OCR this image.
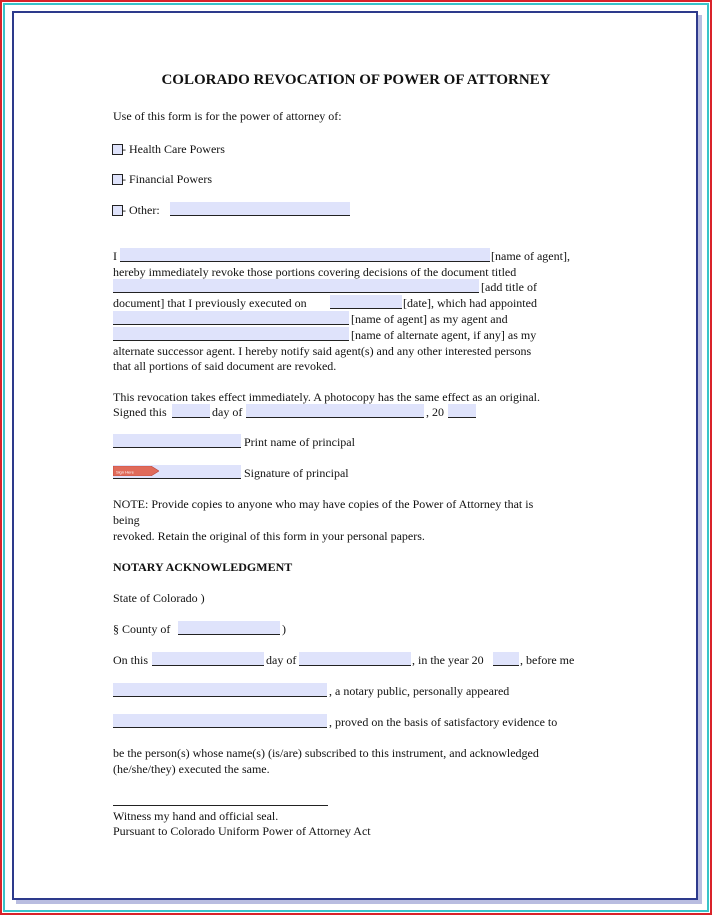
COLORADO REVOCATION OF POWER OF ATTORNEY
Use of this form is for the power of attorney of:
- Health Care Powers
- Financial Powers
- Other:
I	[name of agent],
hereby immediately revoke those portions covering decisions of the document titled
[add title of
document] that I previously executed on	[date], which had appointed
[name of agent] as my agent and
[name of alternate agent, if any] as my
alternate successor agent. I hereby notify said agent(s) and any other interested persons
that all portions of said document are revoked.
This revocation takes effect immediately. A photocopy has the same effect as an original.
Signed this	day of	, 20
Print name of principal
Sign Here	Signature of principal
NOTE: Provide copies to anyone who may have copies of the Power of Attorney that is
being
revoked. Retain the original of this form in your personal papers.
NOTARY ACKNOWLEDGMENT
State of Colorado )
§ County of	)
On this	day of	, in the year 20	, before me
, a notary public, personally appeared
, proved on the basis of satisfactory evidence to
be the person(s) whose name(s) (is/are) subscribed to this instrument, and acknowledged
(he/she/they) executed the same.
Witness my hand and official seal.
Pursuant to Colorado Uniform Power of Attorney Act
